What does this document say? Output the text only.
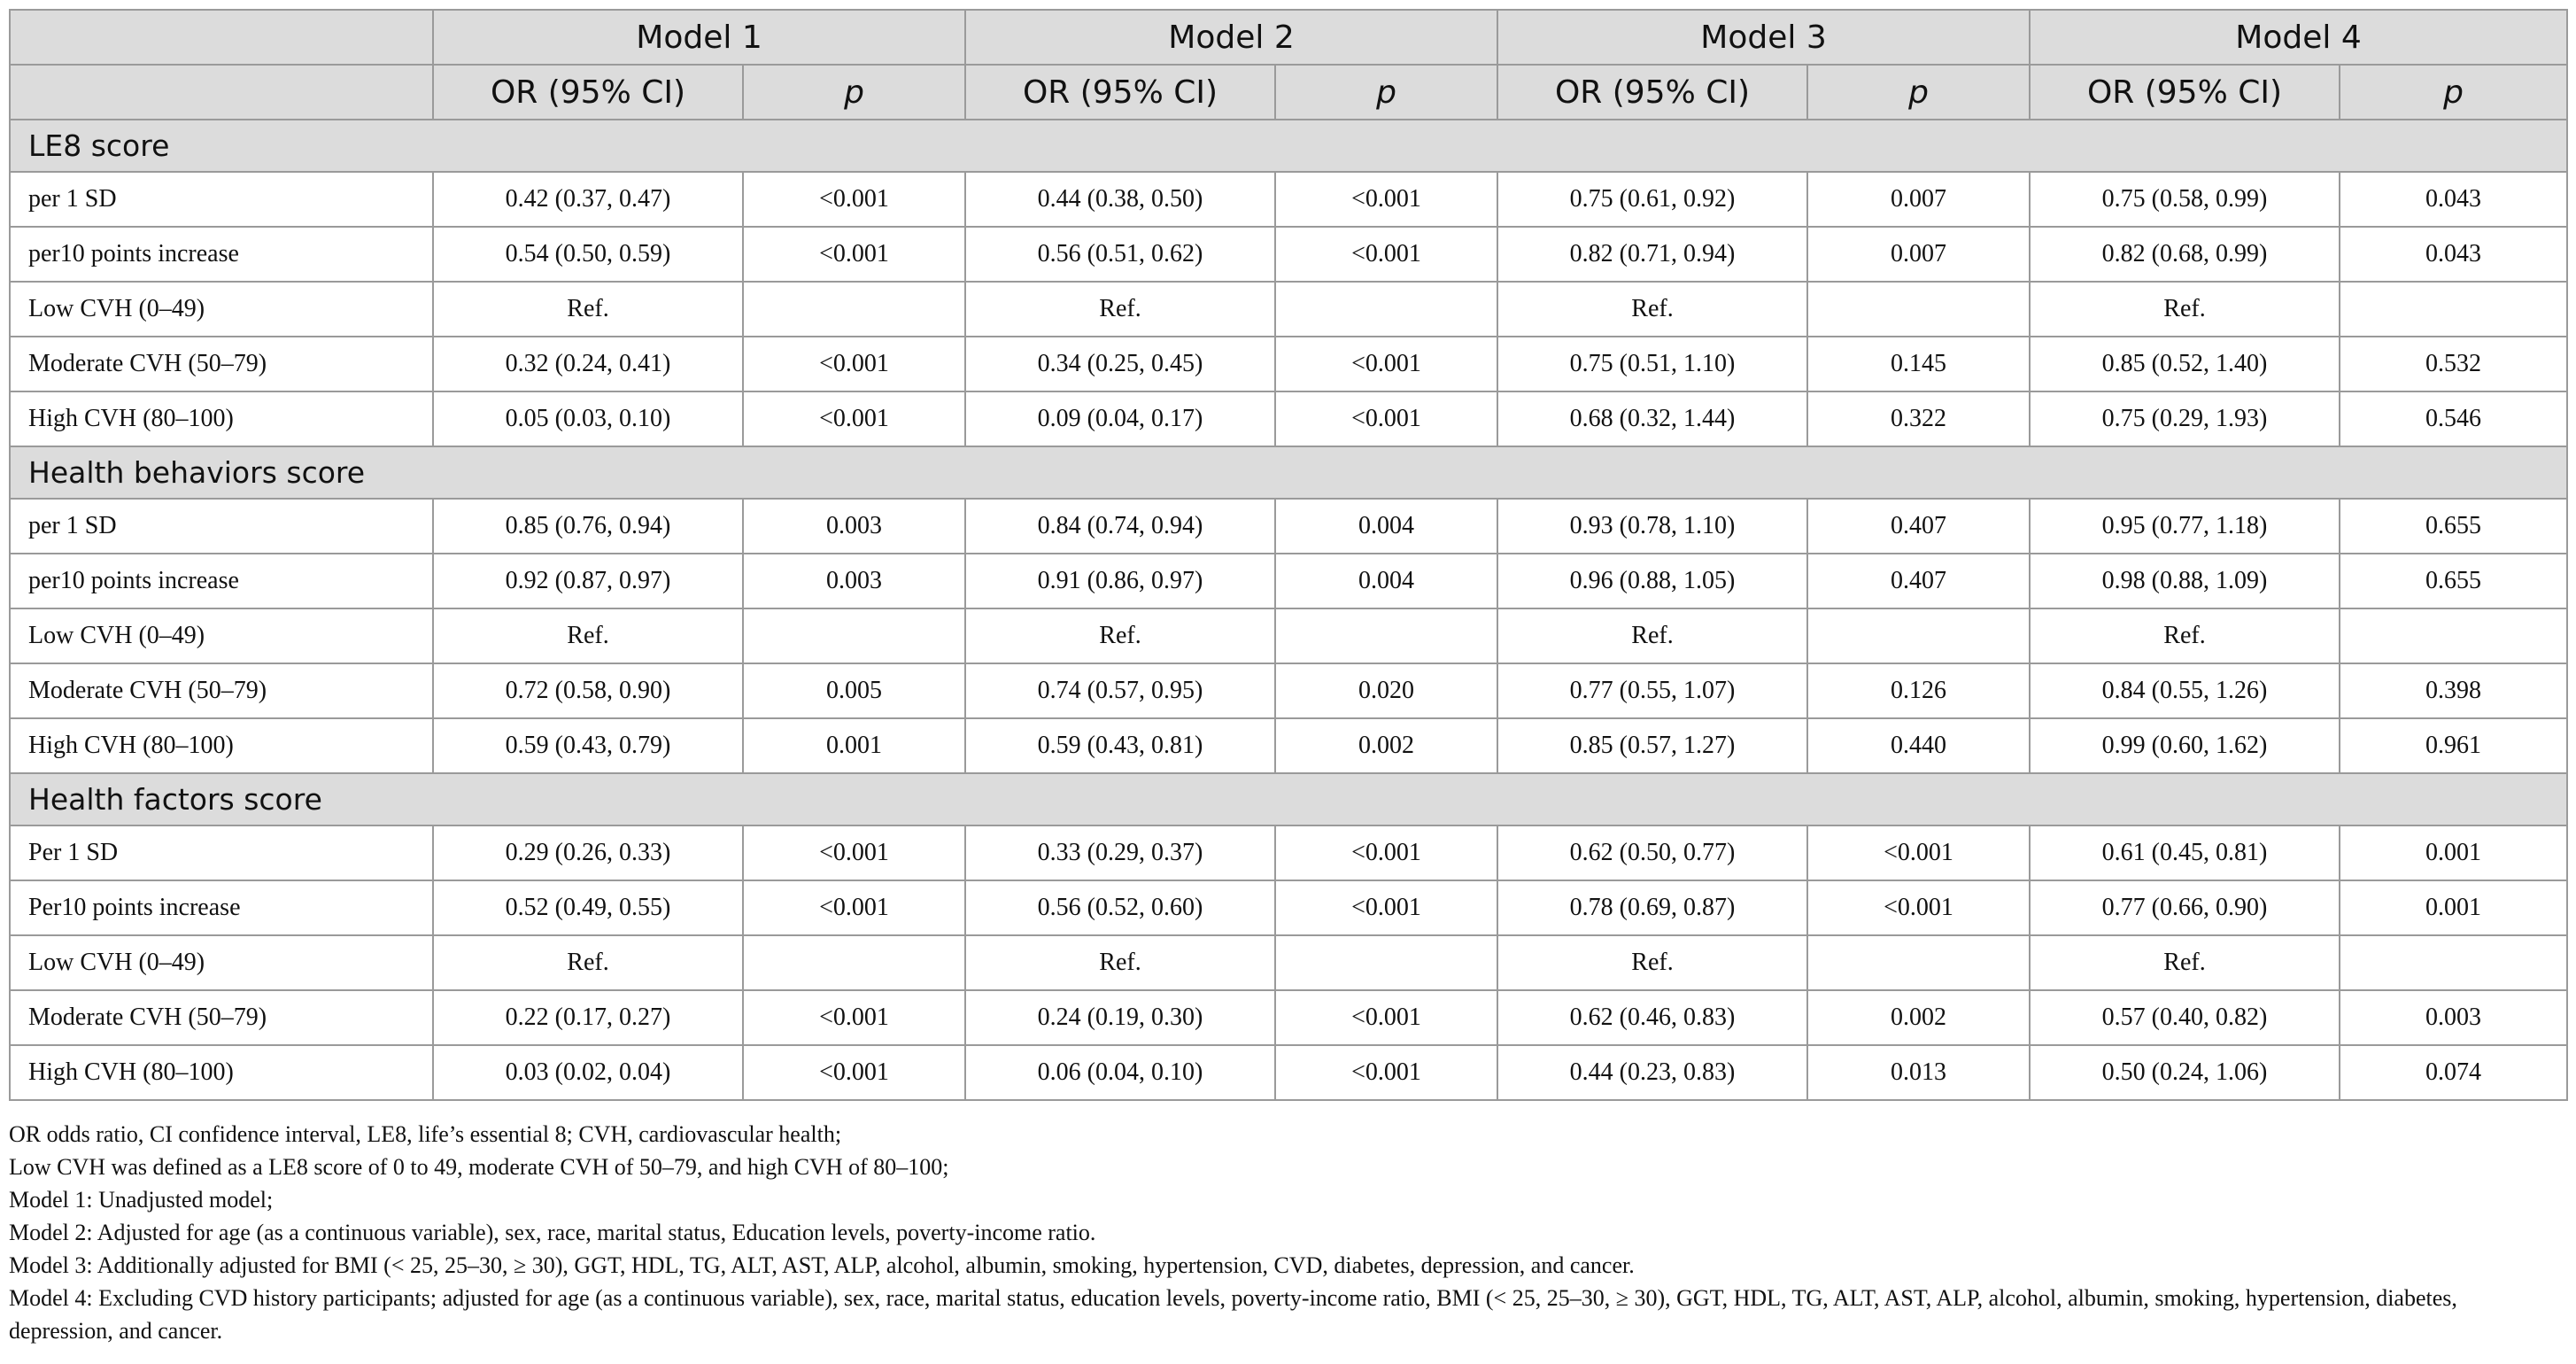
	Model 1		Model 2		Model 3		Model 4	
	OR (95% CI)	p	OR (95% CI)	p	OR (95% CI)	p	OR (95% CI)	p
LE8 score								
per 1 SD	0.42 (0.37, 0.47)	<0.001	0.44 (0.38, 0.50)	<0.001	0.75 (0.61, 0.92)	0.007	0.75 (0.58, 0.99)	0.043
per10 points increase	0.54 (0.50, 0.59)	<0.001	0.56 (0.51, 0.62)	<0.001	0.82 (0.71, 0.94)	0.007	0.82 (0.68, 0.99)	0.043
Low CVH (0–49)	Ref.		Ref.		Ref.		Ref.	
Moderate CVH (50–79)	0.32 (0.24, 0.41)	<0.001	0.34 (0.25, 0.45)	<0.001	0.75 (0.51, 1.10)	0.145	0.85 (0.52, 1.40)	0.532
High CVH (80–100)	0.05 (0.03, 0.10)	<0.001	0.09 (0.04, 0.17)	<0.001	0.68 (0.32, 1.44)	0.322	0.75 (0.29, 1.93)	0.546
Health behaviors score								
per 1 SD	0.85 (0.76, 0.94)	0.003	0.84 (0.74, 0.94)	0.004	0.93 (0.78, 1.10)	0.407	0.95 (0.77, 1.18)	0.655
per10 points increase	0.92 (0.87, 0.97)	0.003	0.91 (0.86, 0.97)	0.004	0.96 (0.88, 1.05)	0.407	0.98 (0.88, 1.09)	0.655
Low CVH (0–49)	Ref.		Ref.		Ref.		Ref.	
Moderate CVH (50–79)	0.72 (0.58, 0.90)	0.005	0.74 (0.57, 0.95)	0.020	0.77 (0.55, 1.07)	0.126	0.84 (0.55, 1.26)	0.398
High CVH (80–100)	0.59 (0.43, 0.79)	0.001	0.59 (0.43, 0.81)	0.002	0.85 (0.57, 1.27)	0.440	0.99 (0.60, 1.62)	0.961
Health factors score								
Per 1 SD	0.29 (0.26, 0.33)	<0.001	0.33 (0.29, 0.37)	<0.001	0.62 (0.50, 0.77)	<0.001	0.61 (0.45, 0.81)	0.001
Per10 points increase	0.52 (0.49, 0.55)	<0.001	0.56 (0.52, 0.60)	<0.001	0.78 (0.69, 0.87)	<0.001	0.77 (0.66, 0.90)	0.001
Low CVH (0–49)	Ref.		Ref.		Ref.		Ref.	
Moderate CVH (50–79)	0.22 (0.17, 0.27)	<0.001	0.24 (0.19, 0.30)	<0.001	0.62 (0.46, 0.83)	0.002	0.57 (0.40, 0.82)	0.003
High CVH (80–100)	0.03 (0.02, 0.04)	<0.001	0.06 (0.04, 0.10)	<0.001	0.44 (0.23, 0.83)	0.013	0.50 (0.24, 1.06)	0.074

OR odds ratio, CI confidence interval, LE8, life’s essential 8; CVH, cardiovascular health;

Low CVH was defined as a LE8 score of 0 to 49, moderate CVH of 50–79, and high CVH of 80–100;

Model 1: Unadjusted model;

Model 2: Adjusted for age (as a continuous variable), sex, race, marital status, Education levels, poverty-income ratio.

Model 3: Additionally adjusted for BMI (< 25, 25–30, ≥ 30), GGT, HDL, TG, ALT, AST, ALP, alcohol, albumin, smoking, hypertension, CVD, diabetes, depression, and cancer.

Model 4: Excluding CVD history participants; adjusted for age (as a continuous variable), sex, race, marital status, education levels, poverty-income ratio, BMI (< 25, 25–30, ≥ 30), GGT, HDL, TG, ALT, AST, ALP, alcohol, albumin, smoking, hypertension, diabetes, depression, and cancer.
